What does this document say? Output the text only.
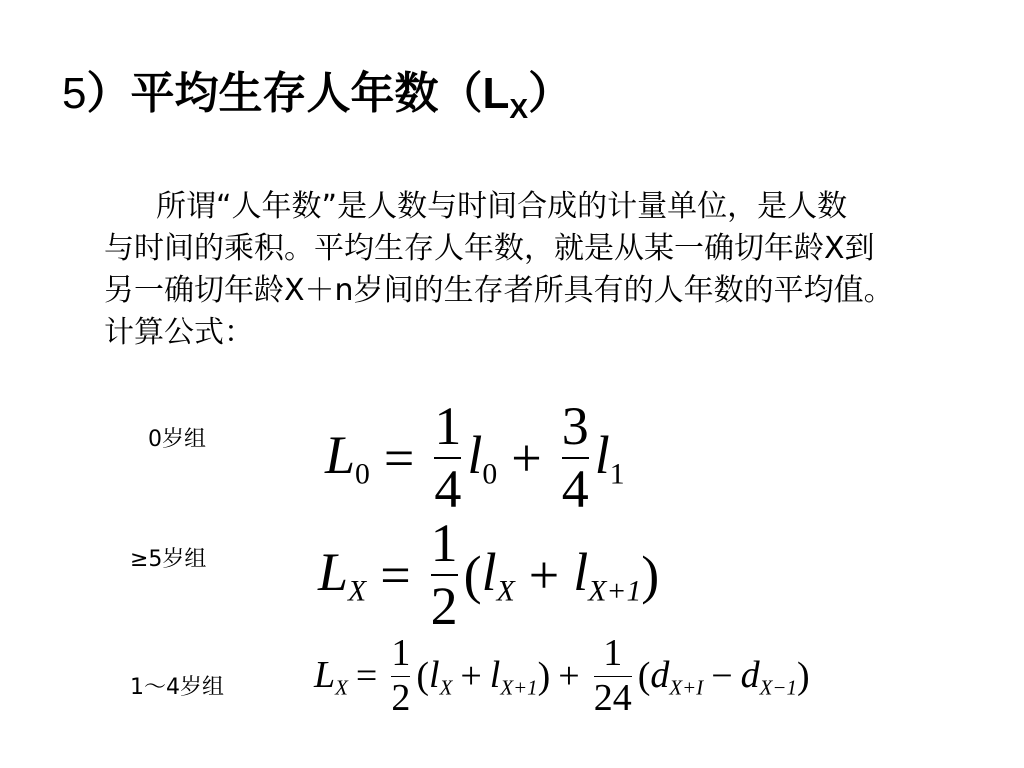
5）平均生存人年数$(L_X)$
所谓“人年数”是人数与时间合成的计量单位，是人数
与时间的乘积。平均生存人年数，就是从某一确切年龄X到
另一确切年龄X＋n岁间的生存者所具有的人年数的平均值。
计算公式：
0岁组 $L_0 = \frac{1}{4} l_0 + \frac{3}{4} l_1$
≥5岁组 $L_X = \frac{1}{2}$ ( $l_X + l_{X+1}$ )
1～4岁组 $L_X = \frac{1}{2}$ ( $l_X + l_{X+1}$ ) + $\frac{1}{24}$ ( $d_{X+I} - d_{X-1}$ )
